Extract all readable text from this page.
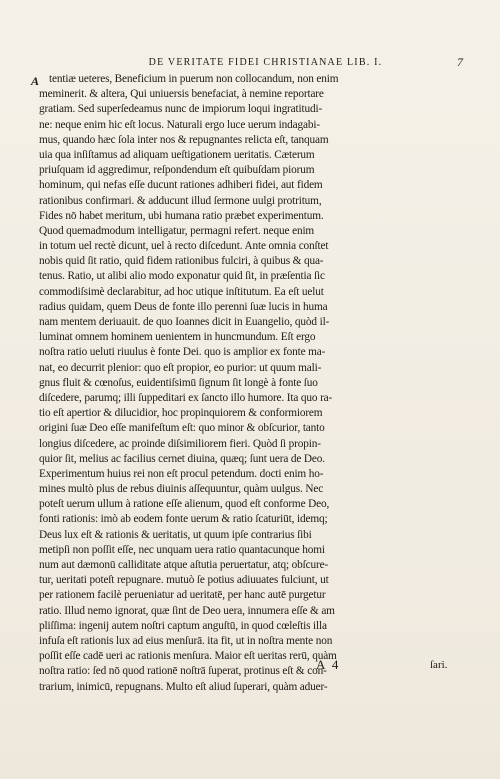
DE VERITATE FIDEI CHRISTIANAE LIB. I.	7
A tentiæ ueteres, Beneficium in puerum non collocandum, non enim
meminerit. & altera, Qui uniuersis benefaciat, à nemine reportare
gratiam. Sed superſedeamus nunc de impiorum loqui ingratitudi-
ne: neque enim hic eſt locus. Naturali ergo luce uerum indagabi-
mus, quando hæc ſola inter nos & repugnantes relicta eſt, tanquam
uia qua inſiſtamus ad aliquam ueſtigationem ueritatis. Cæterum
priuſquam id aggredimur, reſpondendum eſt quibuſdam piorum
hominum, qui nefas eſſe ducunt rationes adhiberi fidei, aut fidem
rationibus confirmari. & adducunt illud ſermone uulgi protritum,
Fides nō habet meritum, ubi humana ratio præbet experimentum.
Quod quemadmodum intelligatur, permagni refert. neque enim
in totum uel rectè dicunt, uel à recto diſcedunt. Ante omnia conſtet
nobis quid ſit ratio, quid fidem rationibus fulciri, à quibus & qua-
tenus. Ratio, ut alibi alio modo exponatur quid ſit, in præſentia ſic
commodiſsimè declarabitur, ad hoc utique inſtitutum. Ea eſt uelut
radius quidam, quem Deus de fonte illo perenni ſuæ lucis in huma
nam mentem deriuauit. de quo Ioannes dicit in Euangelio, quòd il-
luminat omnem hominem uenientem in huncmundum. Eſt ergo
noſtra ratio ueluti riuulus è fonte Dei. quo is amplior ex fonte ma-
nat, eo decurrit plenior: quo eſt propior, eo purior: ut quum mali-
gnus fluit & cœnoſus, euidentiſsimū ſignum ſit longè à fonte ſuo
diſcedere, parumq; illi ſuppeditari ex ſancto illo humore. Ita quo ra-
tio eſt apertior & dilucidior, hoc propinquiorem & conformiorem
origini ſuæ Deo eſſe manifeſtum eſt: quo minor & obſcurior, tanto
longius diſcedere, ac proinde diſsimiliorem fieri. Quòd ſi propin-
quior ſit, melius ac facilius cernet diuina, quæq; ſunt uera de Deo.
Experimentum huius rei non eſt procul petendum. docti enim ho-
mines multò plus de rebus diuinis aſſequuntur, quàm uulgus. Nec
poteſt uerum ullum à ratione eſſe alienum, quod eſt conforme Deo,
fonti rationis: imò ab eodem fonte uerum & ratio ſcaturiūt, idemq;
Deus lux eſt & rationis & ueritatis, ut quum ipſe contrarius ſibi
metipſi non poſſit eſſe, nec unquam uera ratio quantacunque homi
num aut dæmonū calliditate atque aſtutia peruertatur, atq; obſcure-
tur, ueritati poteſt repugnare. mutuò ſe potius adiuuates fulciunt, ut
per rationem facilè perueniatur ad ueritatē, per hanc autē purgetur
ratio. Illud nemo ignorat, quæ ſint de Deo uera, innumera eſſe & am
pliſſima: ingenij autem noſtri captum anguſtū, in quod cœleſtis illa
infuſa eſt rationis lux ad eius menſurā. ita fit, ut in noſtra mente non
poſſit eſſe cadē ueri ac rationis menſura. Maior eſt ueritas rerū, quàm
noſtra ratio: ſed nō quod rationē noſtrā ſuperat, protinus eſt & con-
trarium, inimicū, repugnans. Multo eſt aliud ſuperari, quàm aduer-
A 4	ſari.
